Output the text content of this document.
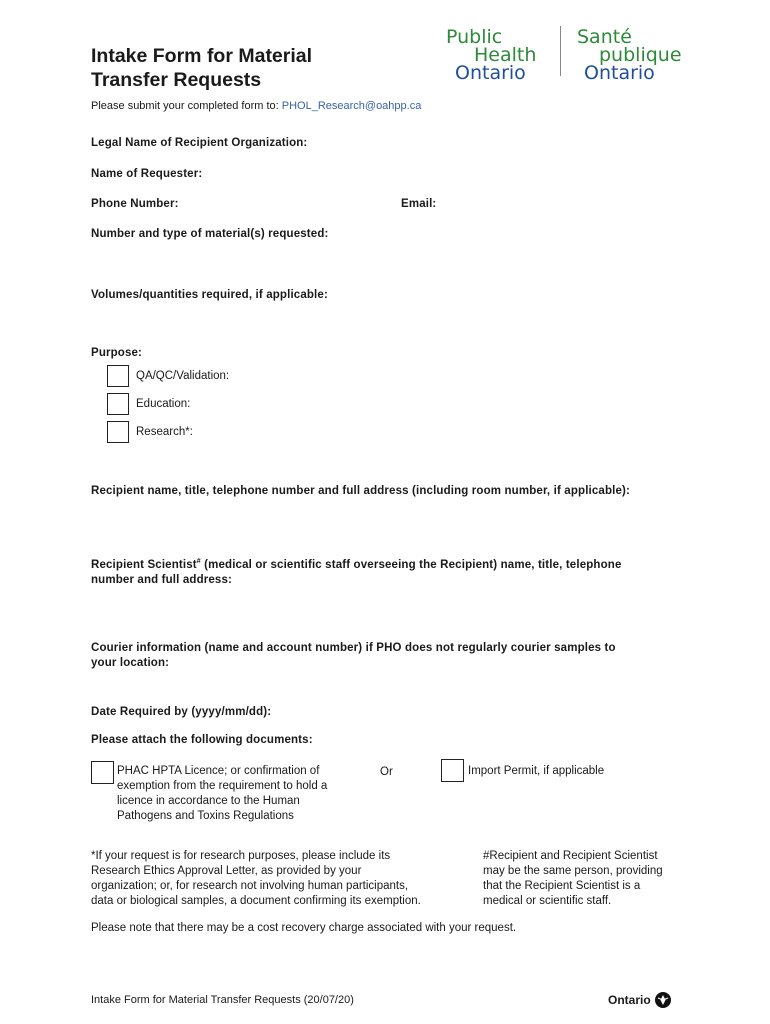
Intake Form for Material
Transfer Requests
Public
Health
Ontario
Santé
publique
Ontario
Please submit your completed form to: PHOL_Research@oahpp.ca
Legal Name of Recipient Organization:
Name of Requester:
Phone Number:	Email:
Number and type of material(s) requested:
Volumes/quantities required, if applicable:
Purpose:
QA/QC/Validation:
Education:
Research*:
Recipient name, title, telephone number and full address (including room number, if applicable):
Recipient Scientist# (medical or scientific staff overseeing the Recipient) name, title, telephone
number and full address:
Courier information (name and account number) if PHO does not regularly courier samples to
your location:
Date Required by (yyyy/mm/dd):
Please attach the following documents:
PHAC HPTA Licence; or confirmation of
exemption from the requirement to hold a
licence in accordance to the Human
Pathogens and Toxins Regulations
Or	Import Permit, if applicable
*If your request is for research purposes, please include its
Research Ethics Approval Letter, as provided by your
organization; or, for research not involving human participants,
data or biological samples, a document confirming its exemption.
#Recipient and Recipient Scientist
may be the same person, providing
that the Recipient Scientist is a
medical or scientific staff.
Please note that there may be a cost recovery charge associated with your request.
Intake Form for Material Transfer Requests (20/07/20)	Ontario
